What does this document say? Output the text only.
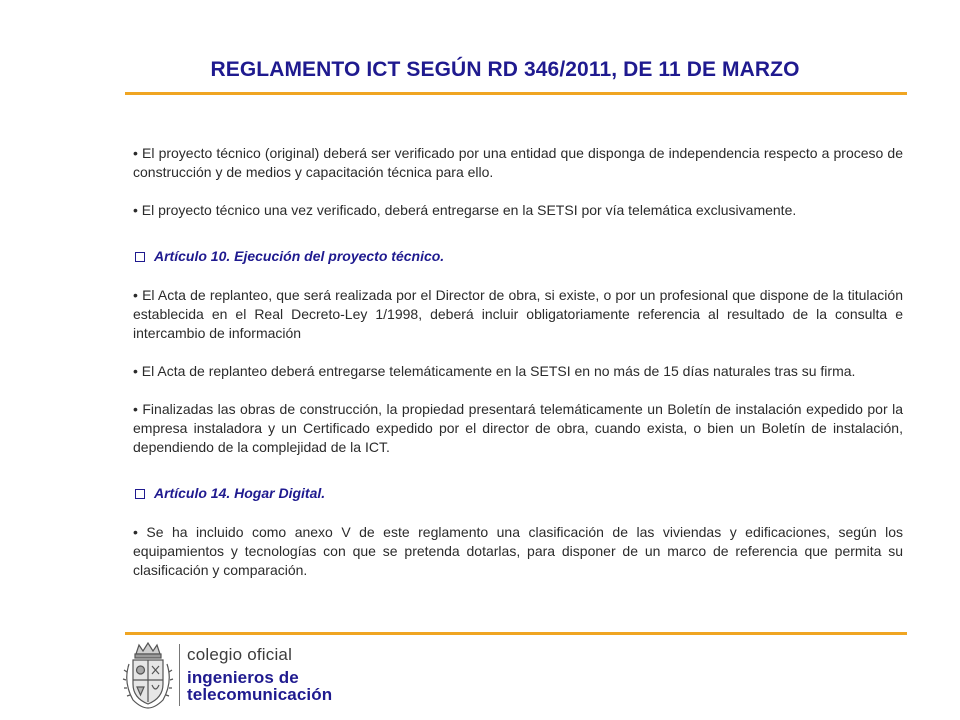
REGLAMENTO ICT SEGÚN RD 346/2011, DE 11 DE MARZO

• El proyecto técnico (original) deberá ser verificado por una entidad que disponga de independencia respecto a proceso de construcción y de medios y capacitación técnica para ello.

• El proyecto técnico una vez verificado, deberá entregarse en la SETSI por vía telemática exclusivamente.

Artículo 10. Ejecución del proyecto técnico.

• El Acta de replanteo, que será realizada por el Director de obra, si existe, o por un profesional que dispone de la titulación establecida en el Real Decreto-Ley 1/1998, deberá incluir obligatoriamente referencia al resultado de la consulta e intercambio de información

• El Acta de replanteo deberá entregarse telemáticamente en la SETSI en no más de 15 días naturales tras su firma.

• Finalizadas las obras de construcción, la propiedad presentará telemáticamente un Boletín de instalación expedido por la empresa instaladora y un Certificado expedido por el director de obra, cuando exista, o bien un Boletín de instalación, dependiendo de la complejidad de la ICT.

Artículo 14. Hogar Digital.

• Se ha incluido como anexo V de este reglamento una clasificación de las viviendas y edificaciones, según los equipamientos y tecnologías con que se pretenda dotarlas, para disponer de un marco de referencia que permita su clasificación y comparación.

colegio oficial
ingenieros de telecomunicación
